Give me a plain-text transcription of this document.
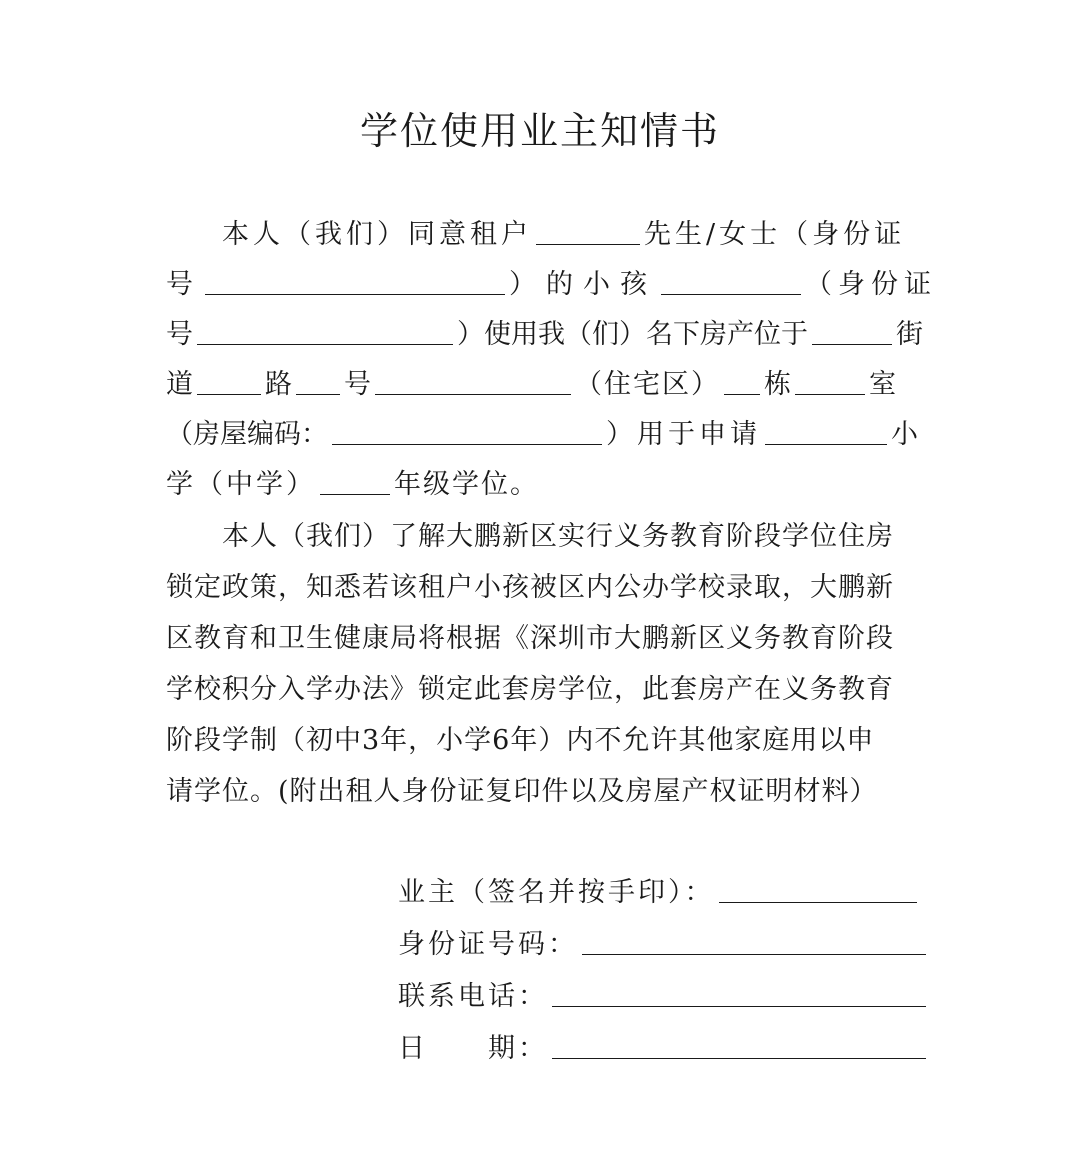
学位使用业主知情书
本人（我们）同意租户	先生/女士（身份证
号	）的小孩	（身份证
号	）使用我（们）名下房产位于	街
道	路 号	（住宅区） 栋	室
（房屋编码：	）用于申请	小
学（中学）	年级学位。
本人（我们）了解大鹏新区实行义务教育阶段学位住房
锁定政策，知悉若该租户小孩被区内公办学校录取，大鹏新
区教育和卫生健康局将根据《深圳市大鹏新区义务教育阶段
学校积分入学办法》锁定此套房学位，此套房产在义务教育
阶段学制（初中3年，小学6年）内不允许其他家庭用以申
请学位。(附出租人身份证复印件以及房屋产权证明材料）
业主（签名并按手印）：
身份证号码：
联系电话：
日　　期：
